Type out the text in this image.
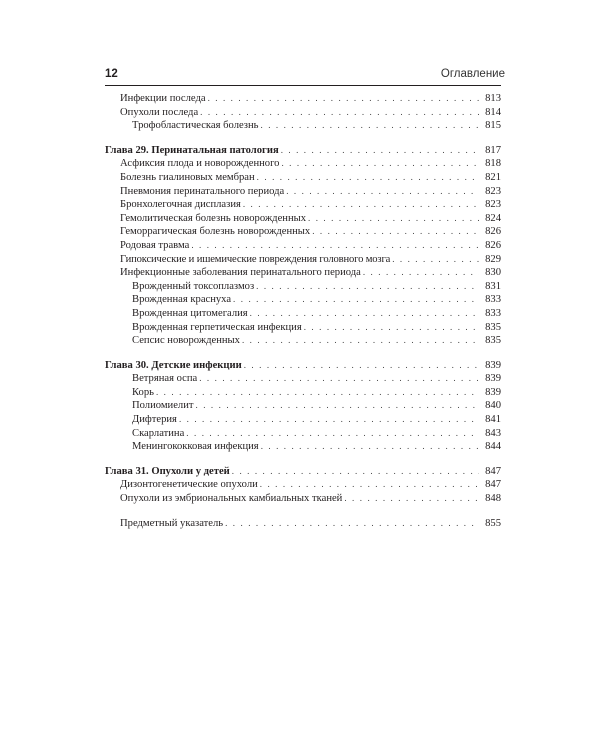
12	Оглавление
Инфекции последа . . .	813
Опухоли последа . . .	814
Трофобластическая болезнь . . .	815
Глава 29. Перинатальная патология . . .	817
Асфиксия плода и новорожденного . . .	818
Болезнь гиалиновых мембран . . .	821
Пневмония перинатального периода . . .	823
Бронхолегочная дисплазия . . .	823
Гемолитическая болезнь новорожденных . . .	824
Геморрагическая болезнь новорожденных . . .	826
Родовая травма . . .	826
Гипоксические и ишемические повреждения головного мозга . . .	829
Инфекционные заболевания перинатального периода . . .	830
Врожденный токсоплазмоз . . .	831
Врожденная краснуха . . .	833
Врожденная цитомегалия . . .	833
Врожденная герпетическая инфекция . . .	835
Сепсис новорожденных . . .	835
Глава 30. Детские инфекции . . .	839
Ветряная оспа . . .	839
Корь . . .	839
Полиомиелит . . .	840
Дифтерия . . .	841
Скарлатина . . .	843
Менингококковая инфекция . . .	844
Глава 31. Опухоли у детей . . .	847
Дизонтогенетические опухоли . . .	847
Опухоли из эмбриональных камбиальных тканей . . .	848
Предметный указатель . . .	855
